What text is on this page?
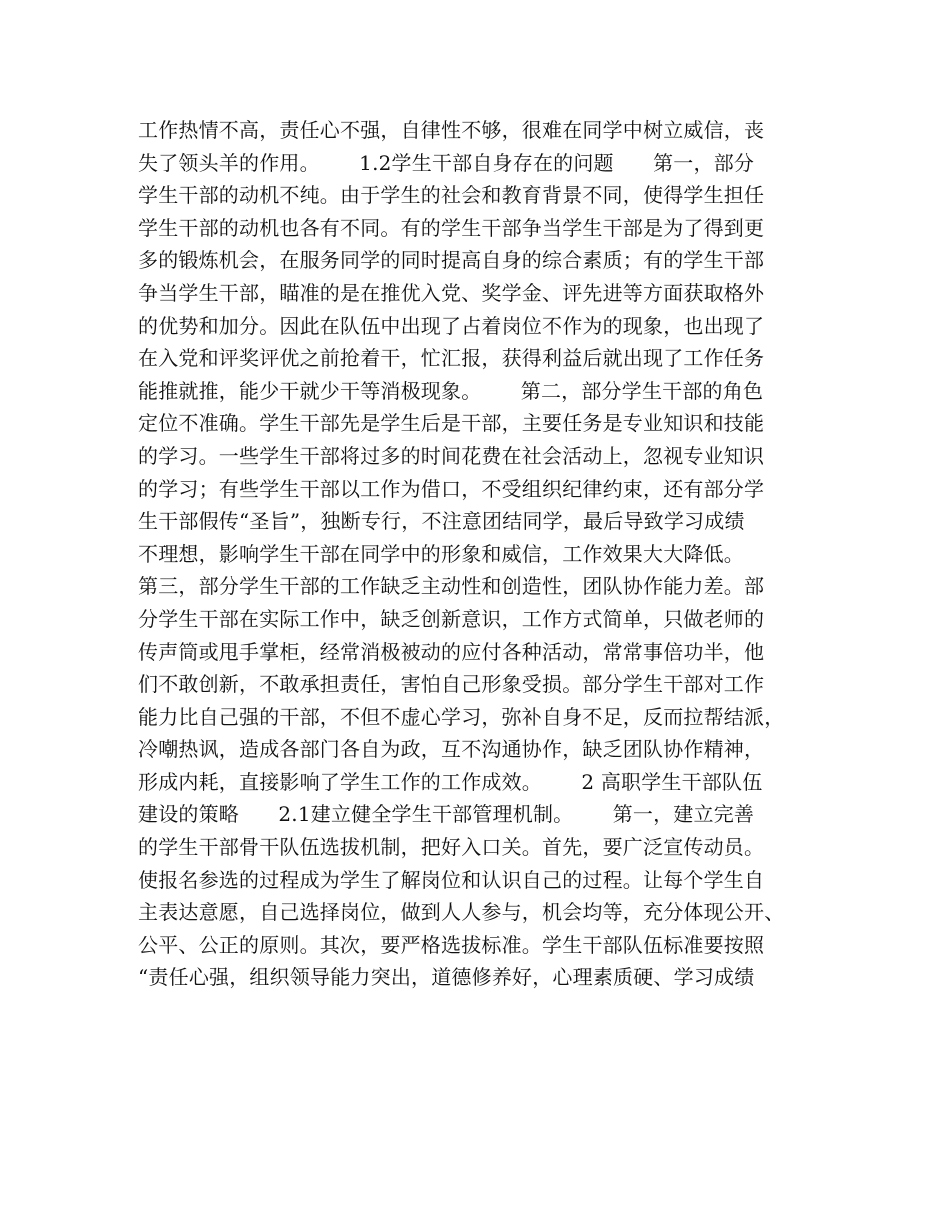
工作热情不高，责任心不强，自律性不够，很难在同学中树立威信，丧
失了领头羊的作用。      1.2学生干部自身存在的问题      第一，部分
学生干部的动机不纯。由于学生的社会和教育背景不同，使得学生担任
学生干部的动机也各有不同。有的学生干部争当学生干部是为了得到更
多的锻炼机会，在服务同学的同时提高自身的综合素质；有的学生干部
争当学生干部，瞄准的是在推优入党、奖学金、评先进等方面获取格外
的优势和加分。因此在队伍中出现了占着岗位不作为的现象，也出现了
在入党和评奖评优之前抢着干，忙汇报，获得利益后就出现了工作任务
能推就推，能少干就少干等消极现象。      第二，部分学生干部的角色
定位不准确。学生干部先是学生后是干部，主要任务是专业知识和技能
的学习。一些学生干部将过多的时间花费在社会活动上，忽视专业知识
的学习；有些学生干部以工作为借口，不受组织纪律约束，还有部分学
生干部假传“圣旨”，独断专行，不注意团结同学，最后导致学习成绩
不理想，影响学生干部在同学中的形象和威信，工作效果大大降低。
第三，部分学生干部的工作缺乏主动性和创造性，团队协作能力差。部
分学生干部在实际工作中，缺乏创新意识，工作方式简单，只做老师的
传声筒或甩手掌柜，经常消极被动的应付各种活动，常常事倍功半，他
们不敢创新，不敢承担责任，害怕自己形象受损。部分学生干部对工作
能力比自己强的干部，不但不虚心学习，弥补自身不足，反而拉帮结派，
冷嘲热讽，造成各部门各自为政，互不沟通协作，缺乏团队协作精神，
形成内耗，直接影响了学生工作的工作成效。      2 高职学生干部队伍
建设的策略      2.1建立健全学生干部管理机制。      第一，建立完善
的学生干部骨干队伍选拔机制，把好入口关。首先，要广泛宣传动员。
使报名参选的过程成为学生了解岗位和认识自己的过程。让每个学生自
主表达意愿，自己选择岗位，做到人人参与，机会均等，充分体现公开、
公平、公正的原则。其次，要严格选拔标准。学生干部队伍标准要按照
“责任心强，组织领导能力突出，道德修养好，心理素质硬、学习成绩
